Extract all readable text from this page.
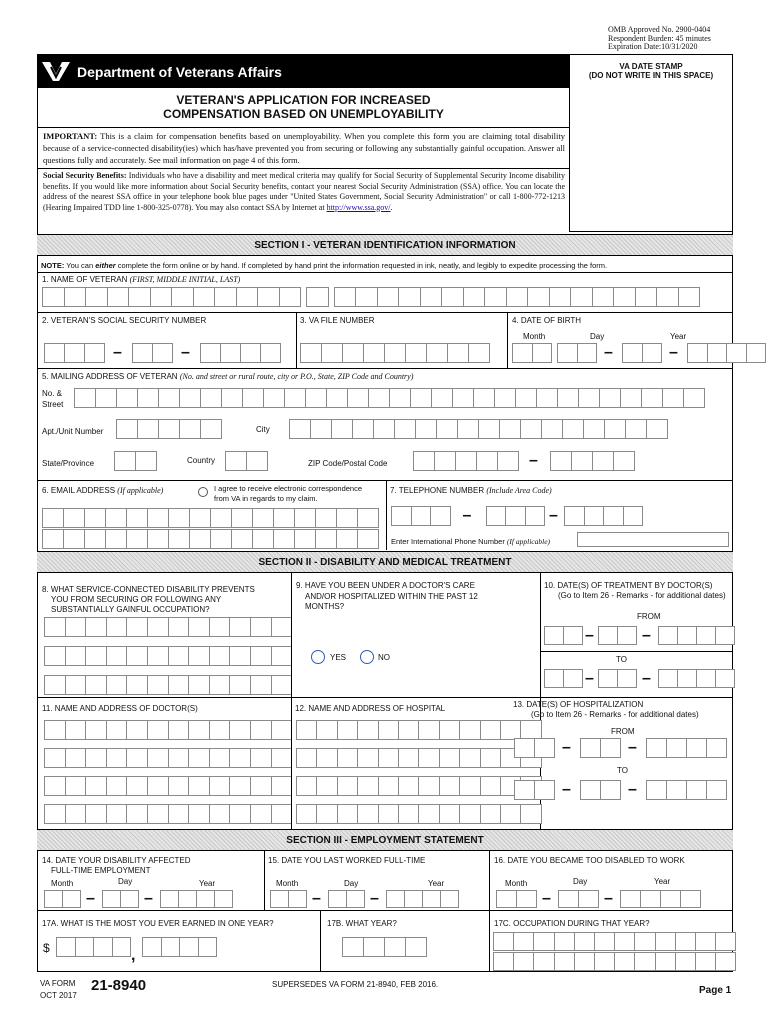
OMB Approved No. 2900-0404
Respondent Burden: 45 minutes
Expiration Date:10/31/2020
Department of Veterans Affairs	VA DATE STAMP
(DO NOT WRITE IN THIS SPACE)
VETERAN'S APPLICATION FOR INCREASED
COMPENSATION BASED ON UNEMPLOYABILITY
IMPORTANT: This is a claim for compensation benefits based on unemployability. When you complete this form you are claiming total disability because of a service-connected disability(ies) which has/have prevented you from securing or following any substantially gainful occupation. Answer all questions fully and accurately. See mail information on page 4 of this form.
Social Security Benefits: Individuals who have a disability and meet medical criteria may qualify for Social Security of Supplemental Security Income disability benefits. If you would like more information about Social Security benefits, contact your nearest Social Security Administration (SSA) office. You can locate the address of the nearest SSA office in your telephone book blue pages under "United States Government, Social Security Administration" or call 1-800-772-1213 (Hearing Impaired TDD line 1-800-325-0778). You may also contact SSA by Internet at http://www.ssa.gov/.
SECTION I - VETERAN IDENTIFICATION INFORMATION
NOTE: You can either complete the form online or by hand. If completed by hand print the information requested in ink, neatly, and legibly to expedite processing the form.
1. NAME OF VETERAN (FIRST, MIDDLE INITIAL, LAST)
2. VETERAN'S SOCIAL SECURITY NUMBER	3. VA FILE NUMBER	4. DATE OF BIRTH
Month	Day	Year
–	–	–	–
5. MAILING ADDRESS OF VETERAN (No. and street or rural route, city or P.O., State, ZIP Code and Country)
No. &
Street
Apt./Unit Number	City
State/Province	Country	ZIP Code/Postal Code	–
6. EMAIL ADDRESS (If applicable)	I agree to receive electronic correspondence
from VA in regards to my claim.
7. TELEPHONE NUMBER (Include Area Code)
–	–
Enter International Phone Number (If applicable)
SECTION II - DISABILITY AND MEDICAL TREATMENT
8. WHAT SERVICE-CONNECTED DISABILITY PREVENTS
YOU FROM SECURING OR FOLLOWING ANY
SUBSTANTIALLY GAINFUL OCCUPATION?
9. HAVE YOU BEEN UNDER A DOCTOR'S CARE
AND/OR HOSPITALIZED WITHIN THE PAST 12
MONTHS?
YES	NO
10. DATE(S) OF TREATMENT BY DOCTOR(S)
(Go to Item 26 - Remarks - for additional dates)
FROM
–	–
TO
–	–
11. NAME AND ADDRESS OF DOCTOR(S)	12. NAME AND ADDRESS OF HOSPITAL	13. DATE(S) OF HOSPITALIZATION
(Go to Item 26 - Remarks - for additional dates)
FROM
–	–
TO
–	–
SECTION III - EMPLOYMENT STATEMENT
14. DATE YOUR DISABILITY AFFECTED
FULL-TIME EMPLOYMENT
Month	Day	Year
–	–
15. DATE YOU LAST WORKED FULL-TIME
Month	Day	Year
–	–
16. DATE YOU BECAME TOO DISABLED TO WORK
Month	Day	Year
–	–
17A. WHAT IS THE MOST YOU EVER EARNED IN ONE YEAR?
$	,
17B. WHAT YEAR?	17C. OCCUPATION DURING THAT YEAR?
VA FORM
OCT 2017
21-8940	SUPERSEDES VA FORM 21-8940, FEB 2016.
Page 1
